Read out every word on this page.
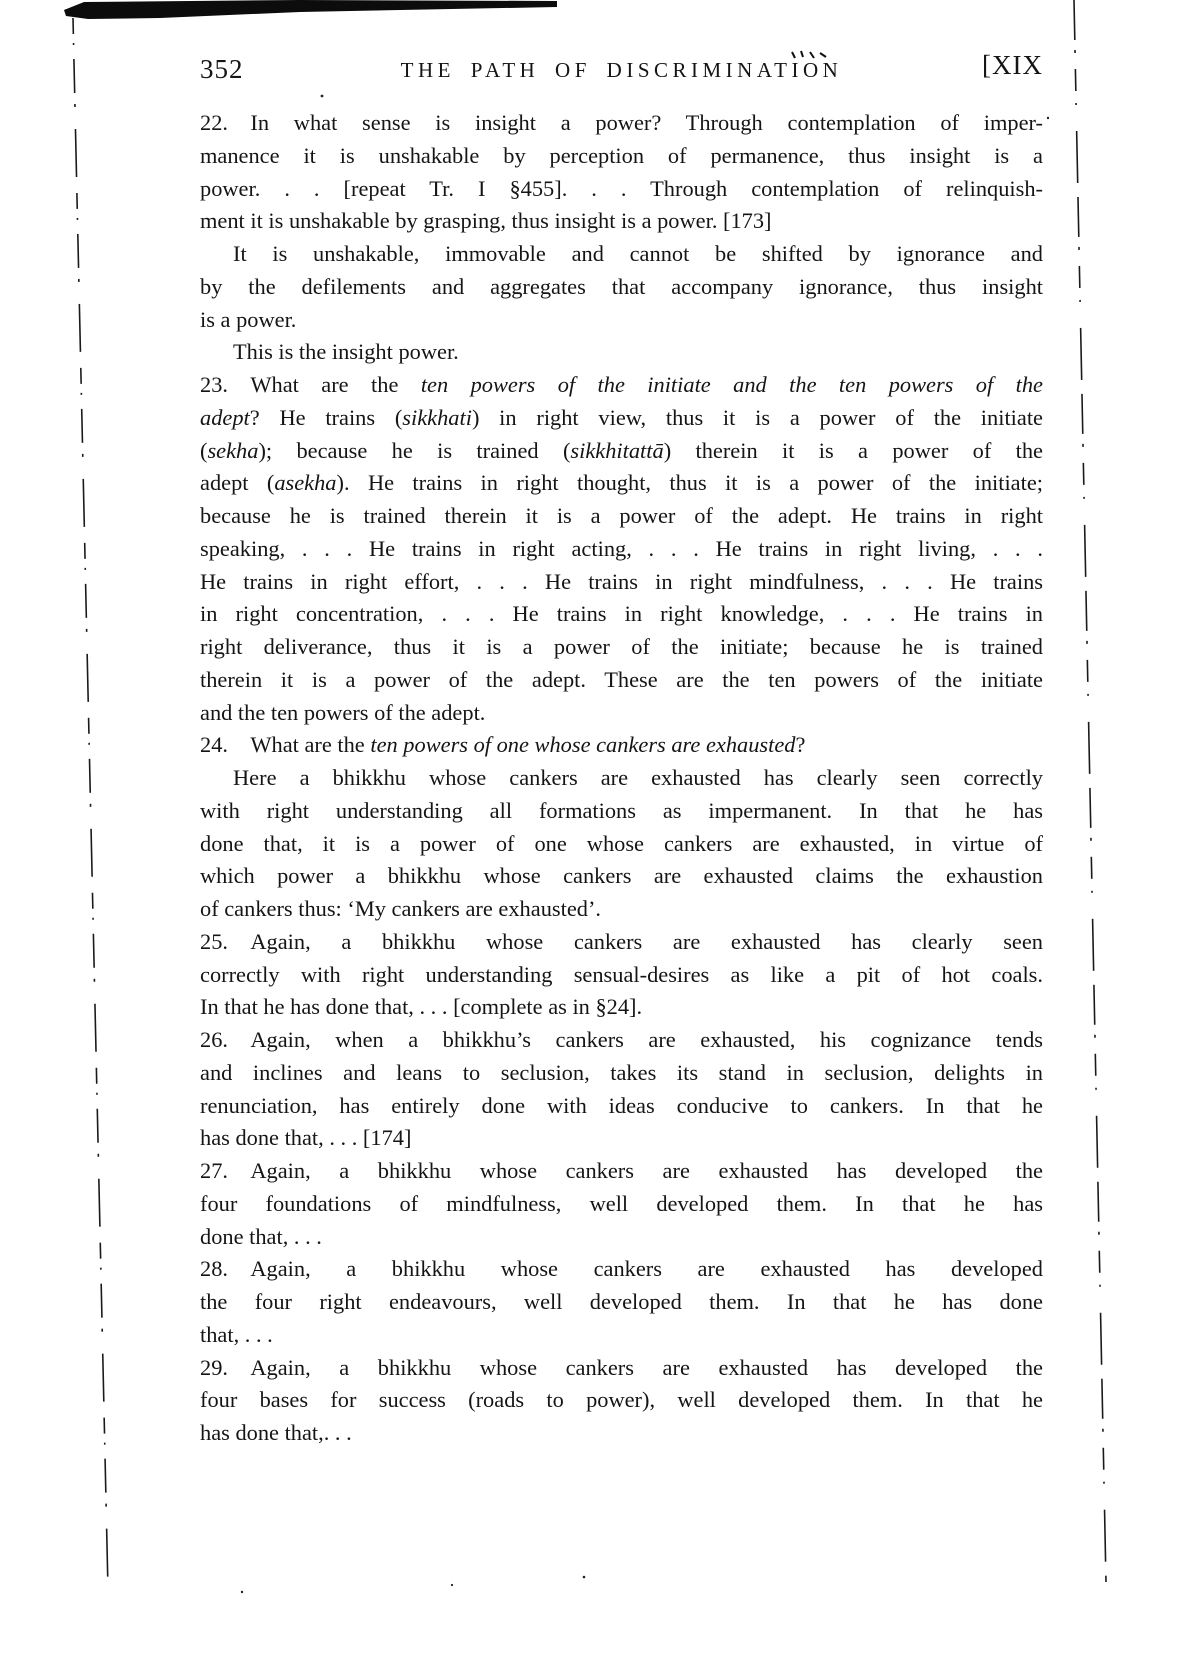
352	THE PATH OF DISCRIMINATION	[XIX
22. In what sense is insight a power? Through contemplation of imper-
manence it is unshakable by perception of permanence, thus insight is a
power. . . [repeat Tr. I §455]. . . Through contemplation of relinquish-
ment it is unshakable by grasping, thus insight is a power. [173]
It is unshakable, immovable and cannot be shifted by ignorance and
by the defilements and aggregates that accompany ignorance, thus insight
is a power.
This is the insight power.
23. What are the ten powers of the initiate and the ten powers of the
adept? He trains (sikkhati) in right view, thus it is a power of the initiate
(sekha); because he is trained (sikkhitattā) therein it is a power of the
adept (asekha). He trains in right thought, thus it is a power of the initiate;
because he is trained therein it is a power of the adept. He trains in right
speaking, . . . He trains in right acting, . . . He trains in right living, . . .
He trains in right effort, . . . He trains in right mindfulness, . . . He trains
in right concentration, . . . He trains in right knowledge, . . . He trains in
right deliverance, thus it is a power of the initiate; because he is trained
therein it is a power of the adept. These are the ten powers of the initiate
and the ten powers of the adept.
24. What are the ten powers of one whose cankers are exhausted?
Here a bhikkhu whose cankers are exhausted has clearly seen correctly
with right understanding all formations as impermanent. In that he has
done that, it is a power of one whose cankers are exhausted, in virtue of
which power a bhikkhu whose cankers are exhausted claims the exhaustion
of cankers thus: ‘My cankers are exhausted’.
25. Again, a bhikkhu whose cankers are exhausted has clearly seen
correctly with right understanding sensual-desires as like a pit of hot coals.
In that he has done that, . . . [complete as in §24].
26. Again, when a bhikkhu’s cankers are exhausted, his cognizance tends
and inclines and leans to seclusion, takes its stand in seclusion, delights in
renunciation, has entirely done with ideas conducive to cankers. In that he
has done that, . . . [174]
27. Again, a bhikkhu whose cankers are exhausted has developed the
four foundations of mindfulness, well developed them. In that he has
done that, . . .
28. Again, a bhikkhu whose cankers are exhausted has developed
the four right endeavours, well developed them. In that he has done
that, . . .
29. Again, a bhikkhu whose cankers are exhausted has developed the
four bases for success (roads to power), well developed them. In that he
has done that,. . .
